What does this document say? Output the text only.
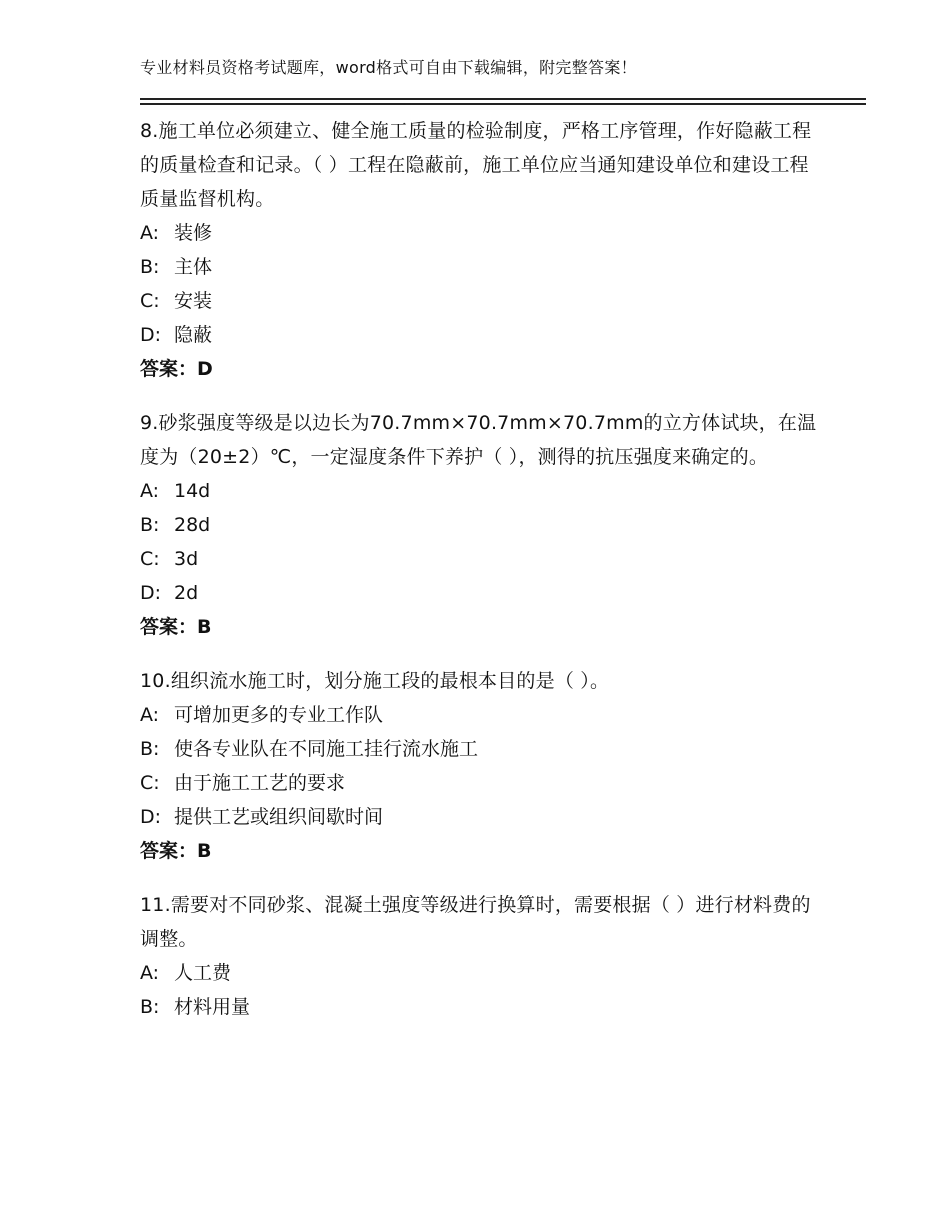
专业材料员资格考试题库，word格式可自由下载编辑，附完整答案！

8.施工单位必须建立、健全施工质量的检验制度，严格工序管理，作好隐蔽工程的质量检查和记录。（ ）工程在隐蔽前，施工单位应当通知建设单位和建设工程质量监督机构。

A: 装修

B: 主体

C: 安装

D: 隐蔽

答案：D

9.砂浆强度等级是以边长为70.7mm×70.7mm×70.7mm的立方体试块，在温度为（20±2）℃，一定湿度条件下养护（ ），测得的抗压强度来确定的。

A: 14d

B: 28d

C: 3d

D: 2d

答案：B

10.组织流水施工时，划分施工段的最根本目的是（ ）。

A: 可增加更多的专业工作队

B: 使各专业队在不同施工挂行流水施工

C: 由于施工工艺的要求

D: 提供工艺或组织间歇时间

答案：B

11.需要对不同砂浆、混凝土强度等级进行换算时，需要根据（ ）进行材料费的调整。

A: 人工费

B: 材料用量
